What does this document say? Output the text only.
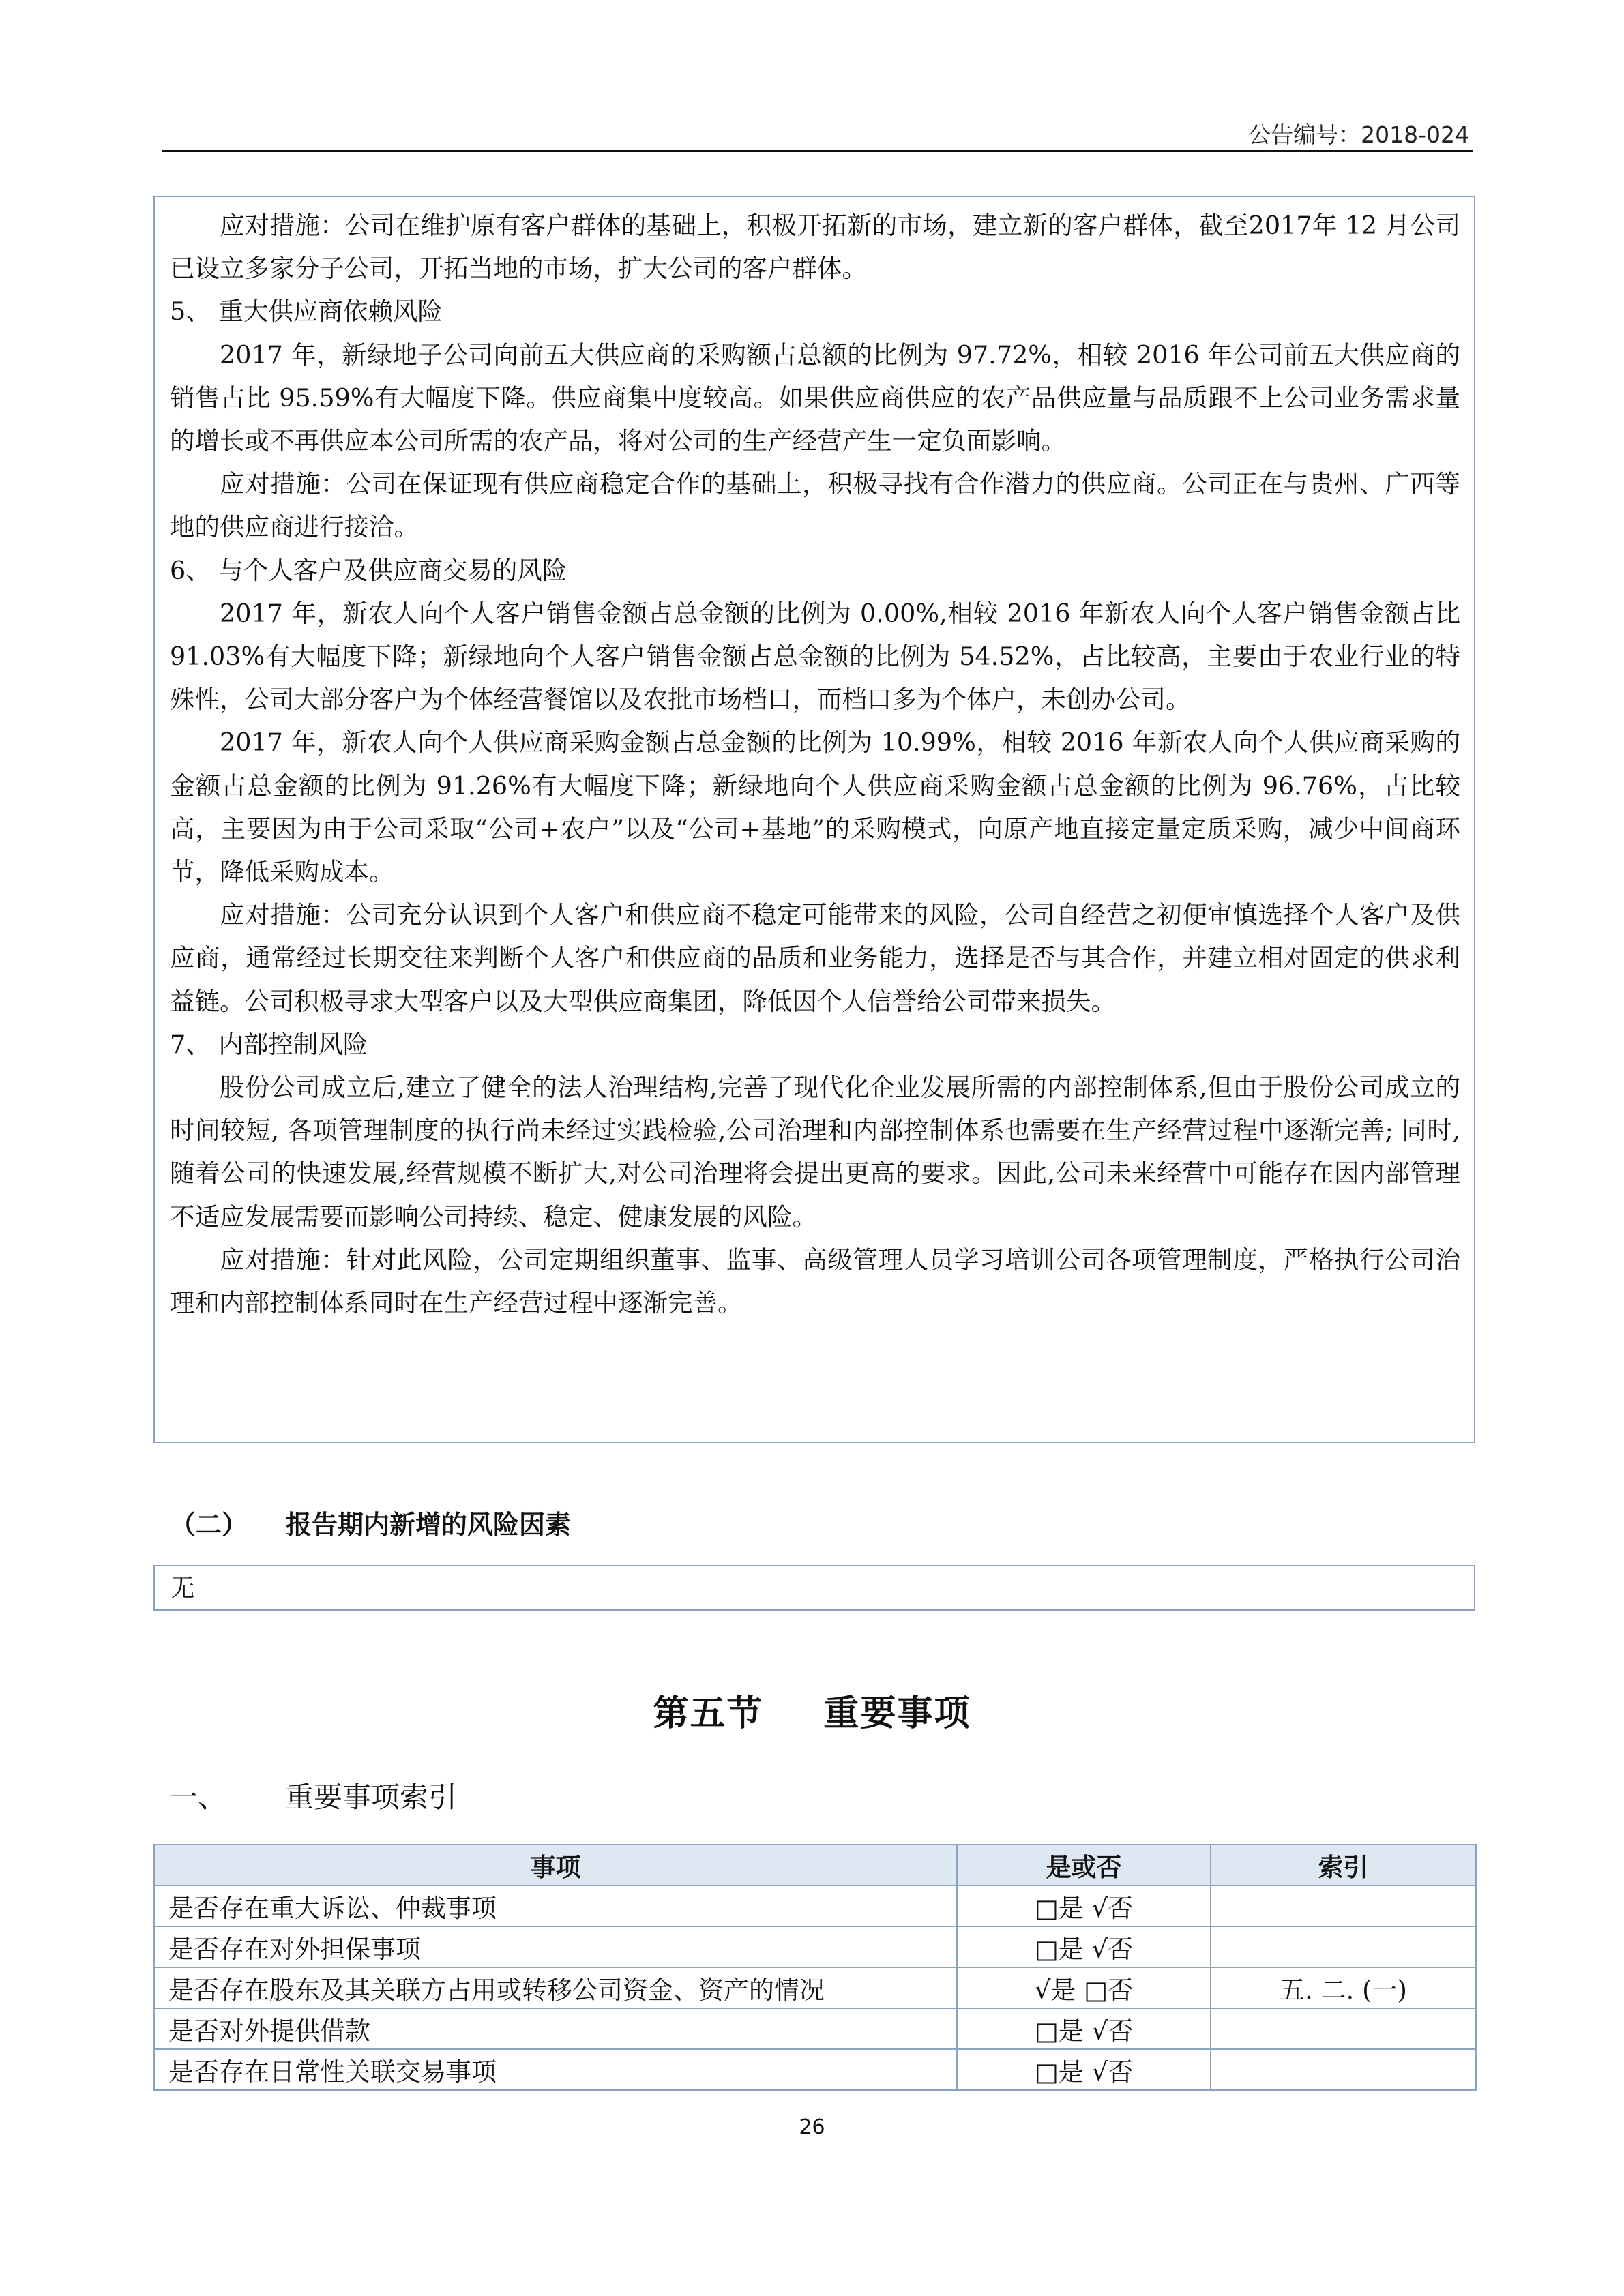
公告编号：2018-024

应对措施：公司在维护原有客户群体的基础上，积极开拓新的市场，建立新的客户群体，截至2017年 12 月公司已设立多家分子公司，开拓当地的市场，扩大公司的客户群体。

5、 重大供应商依赖风险

2017 年，新绿地子公司向前五大供应商的采购额占总额的比例为 97.72%，相较 2016 年公司前五大供应商的销售占比 95.59%有大幅度下降。供应商集中度较高。如果供应商供应的农产品供应量与品质跟不上公司业务需求量的增长或不再供应本公司所需的农产品，将对公司的生产经营产生一定负面影响。

应对措施：公司在保证现有供应商稳定合作的基础上，积极寻找有合作潜力的供应商。公司正在与贵州、广西等地的供应商进行接洽。

6、 与个人客户及供应商交易的风险

2017 年，新农人向个人客户销售金额占总金额的比例为 0.00%,相较 2016 年新农人向个人客户销售金额占比 91.03%有大幅度下降；新绿地向个人客户销售金额占总金额的比例为 54.52%，占比较高，主要由于农业行业的特殊性，公司大部分客户为个体经营餐馆以及农批市场档口，而档口多为个体户，未创办公司。

2017 年，新农人向个人供应商采购金额占总金额的比例为 10.99%，相较 2016 年新农人向个人供应商采购的金额占总金额的比例为 91.26%有大幅度下降；新绿地向个人供应商采购金额占总金额的比例为 96.76%，占比较高，主要因为由于公司采取“公司+农户”以及“公司+基地”的采购模式，向原产地直接定量定质采购，减少中间商环节，降低采购成本。

应对措施：公司充分认识到个人客户和供应商不稳定可能带来的风险，公司自经营之初便审慎选择个人客户及供应商，通常经过长期交往来判断个人客户和供应商的品质和业务能力，选择是否与其合作，并建立相对固定的供求利益链。公司积极寻求大型客户以及大型供应商集团，降低因个人信誉给公司带来损失。

7、 内部控制风险

股份公司成立后,建立了健全的法人治理结构,完善了现代化企业发展所需的内部控制体系,但由于股份公司成立的时间较短, 各项管理制度的执行尚未经过实践检验,公司治理和内部控制体系也需要在生产经营过程中逐渐完善; 同时,随着公司的快速发展,经营规模不断扩大,对公司治理将会提出更高的要求。因此,公司未来经营中可能存在因内部管理不适应发展需要而影响公司持续、稳定、健康发展的风险。

应对措施：针对此风险，公司定期组织董事、监事、高级管理人员学习培训公司各项管理制度，严格执行公司治理和内部控制体系同时在生产经营过程中逐渐完善。

（二） 报告期内新增的风险因素

无

第五节 重要事项
一、 重要事项索引
事项	是或否	索引
是否存在重大诉讼、仲裁事项	□是 √否	
是否存在对外担保事项	□是 √否	
是否存在股东及其关联方占用或转移公司资金、资产的情况	√是 □否	五. 二. (一)
是否对外提供借款	□是 √否	
是否存在日常性关联交易事项	□是 √否	
26
